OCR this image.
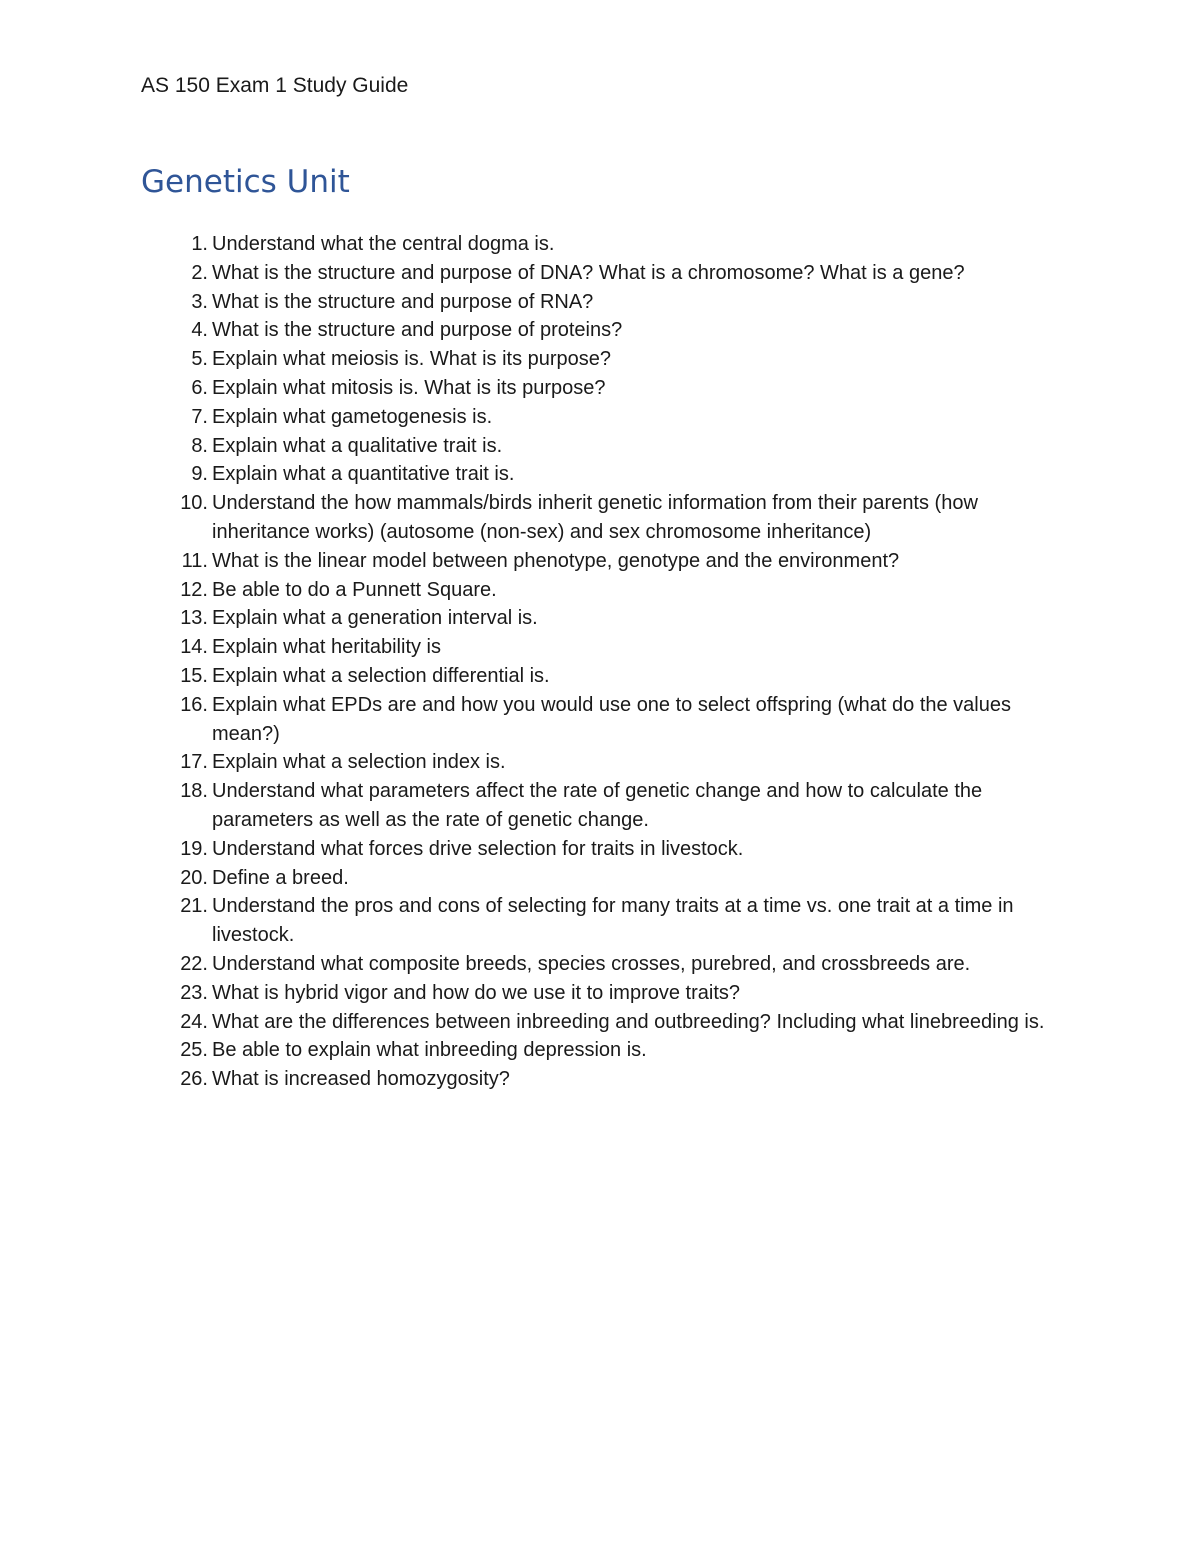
AS 150 Exam 1 Study Guide
Genetics Unit
1. Understand what the central dogma is.
2. What is the structure and purpose of DNA? What is a chromosome? What is a gene?
3. What is the structure and purpose of RNA?
4. What is the structure and purpose of proteins?
5. Explain what meiosis is. What is its purpose?
6. Explain what mitosis is. What is its purpose?
7. Explain what gametogenesis is.
8. Explain what a qualitative trait is.
9. Explain what a quantitative trait is.
10. Understand the how mammals/birds inherit genetic information from their parents (how inheritance works) (autosome (non-sex) and sex chromosome inheritance)
11. What is the linear model between phenotype, genotype and the environment?
12. Be able to do a Punnett Square.
13. Explain what a generation interval is.
14. Explain what heritability is
15. Explain what a selection differential is.
16. Explain what EPDs are and how you would use one to select offspring (what do the values mean?)
17. Explain what a selection index is.
18. Understand what parameters affect the rate of genetic change and how to calculate the parameters as well as the rate of genetic change.
19. Understand what forces drive selection for traits in livestock.
20. Define a breed.
21. Understand the pros and cons of selecting for many traits at a time vs. one trait at a time in livestock.
22. Understand what composite breeds, species crosses, purebred, and crossbreeds are.
23. What is hybrid vigor and how do we use it to improve traits?
24. What are the differences between inbreeding and outbreeding? Including what linebreeding is.
25. Be able to explain what inbreeding depression is.
26. What is increased homozygosity?
